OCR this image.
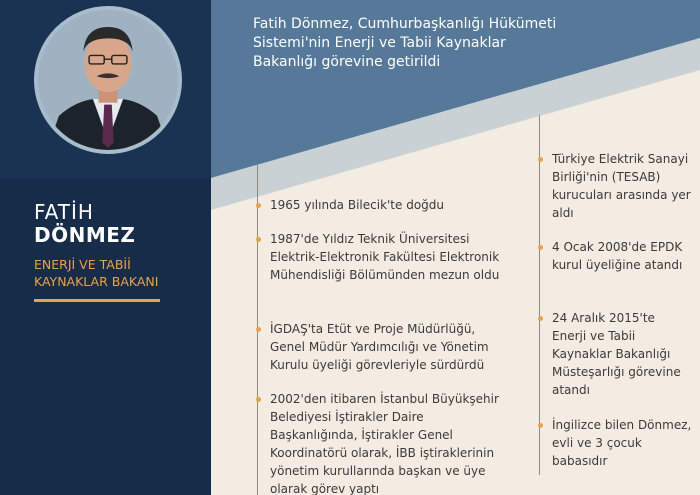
FATİH
DÖNMEZ
ENERJİ VE TABİİ KAYNAKLAR BAKANI
Fatih Dönmez, Cumhurbaşkanlığı Hükümeti Sistemi'nin Enerji ve Tabii Kaynaklar Bakanlığı görevine getirildi
1965 yılında Bilecik'te doğdu
1987'de Yıldız Teknik Üniversitesi Elektrik-Elektronik Fakültesi Elektronik Mühendisliği Bölümünden mezun oldu
İGDAŞ'ta Etüt ve Proje Müdürlüğü, Genel Müdür Yardımcılığı ve Yönetim Kurulu üyeliği görevleriyle sürdürdü
2002'den itibaren İstanbul Büyükşehir Belediyesi İştirakler Daire Başkanlığında, İştirakler Genel Koordinatörü olarak, İBB iştiraklerinin yönetim kurullarında başkan ve üye olarak görev yaptı
Türkiye Elektrik Sanayi Birliği'nin (TESAB) kurucuları arasında yer aldı
4 Ocak 2008'de EPDK kurul üyeliğine atandı
24 Aralık 2015'te Enerji ve Tabii Kaynaklar Bakanlığı Müsteşarlığı görevine atandı
İngilizce bilen Dönmez, evli ve 3 çocuk babasıdır
